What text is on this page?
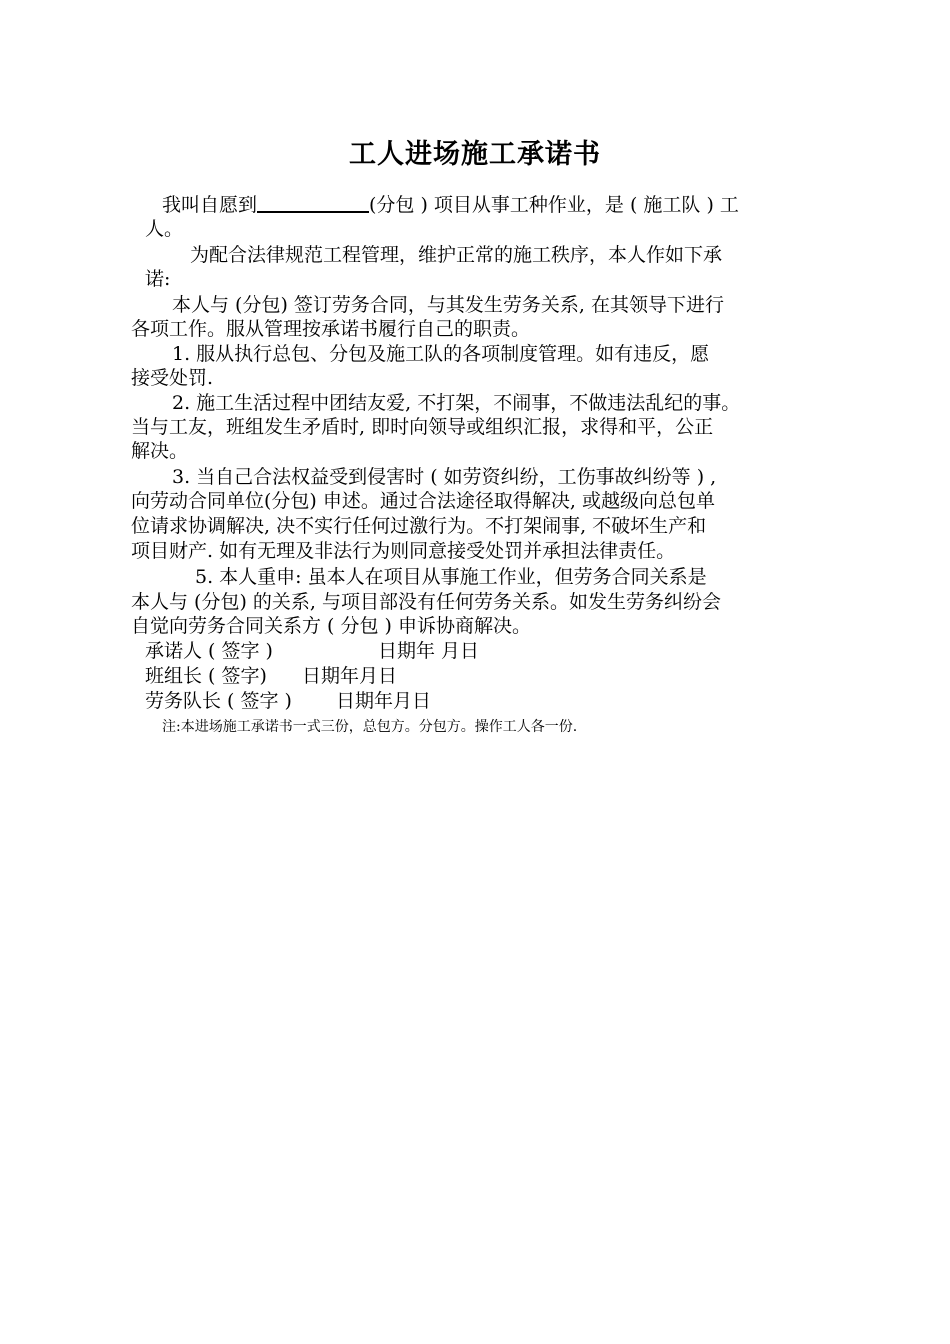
工人进场施工承诺书
我叫自愿到	(分包 ) 项目从事工种作业，是 ( 施工队 ) 工
人。
为配合法律规范工程管理，维护正常的施工秩序，本人作如下承
诺:
本人与 (分包) 签订劳务合同，与其发生劳务关系, 在其领导下进行
各项工作。服从管理按承诺书履行自己的职责。
1. 服从执行总包、分包及施工队的各项制度管理。如有违反，愿
接受处罚.
2. 施工生活过程中团结友爱, 不打架，不闹事，不做违法乱纪的事。
当与工友，班组发生矛盾时, 即时向领导或组织汇报，求得和平，公正
解决。
3. 当自己合法权益受到侵害时 ( 如劳资纠纷，工伤事故纠纷等 ) ,
向劳动合同单位(分包) 申述。通过合法途径取得解决, 或越级向总包单
位请求协调解决, 决不实行任何过激行为。不打架闹事, 不破坏生产和
项目财产. 如有无理及非法行为则同意接受处罚并承担法律责任。
5. 本人重申: 虽本人在项目从事施工作业，但劳务合同关系是
本人与 (分包) 的关系, 与项目部没有任何劳务关系。如发生劳务纠纷会
自觉向劳务合同关系方 ( 分包 ) 申诉协商解决。
承诺人 ( 签字 )	日期年 月日
班组长 ( 签字) 日期年月日
劳务队长 ( 签字 ) 日期年月日
注:本进场施工承诺书一式三份，总包方。分包方。操作工人各一份.
